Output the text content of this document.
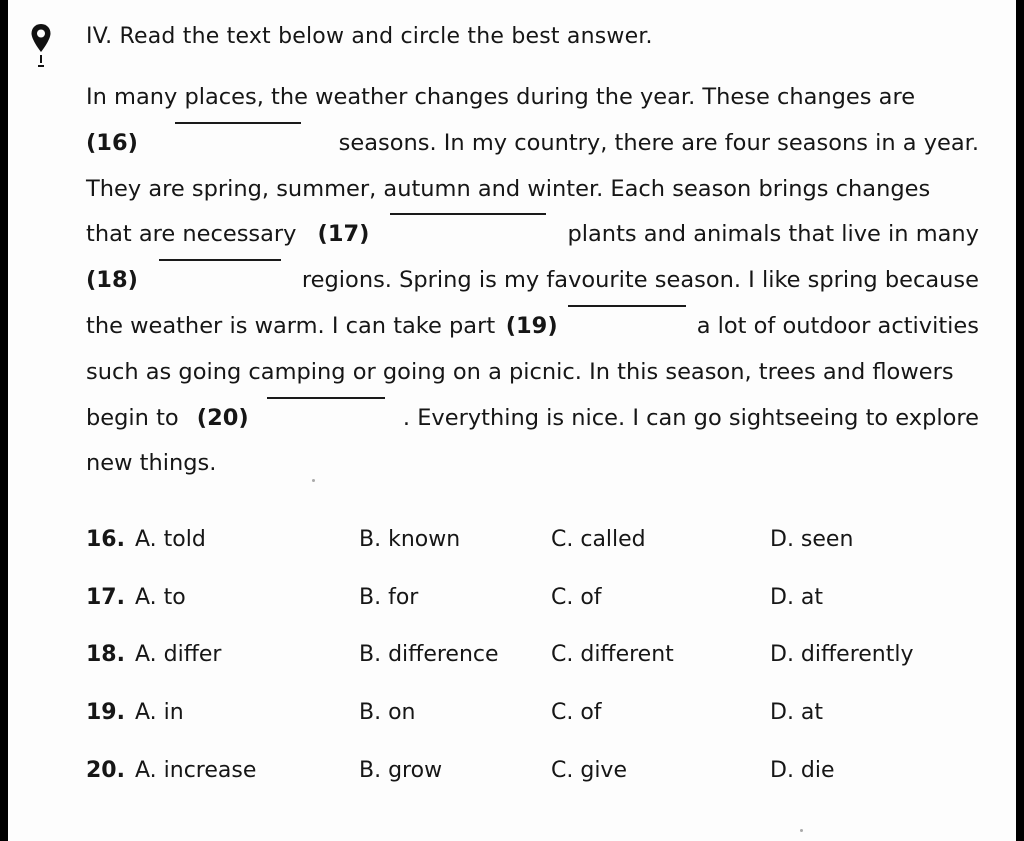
IV. Read the text below and circle the best answer.
In many places, the weather changes during the year. These changes are
(16)	seasons. In my country, there are four seasons in a year.
They are spring, summer, autumn and winter. Each season brings changes
that are necessary (17)	plants and animals that live in many
(18)	regions. Spring is my favourite season. I like spring because
the weather is warm. I can take part (19)	a lot of outdoor activities
such as going camping or going on a picnic. In this season, trees and flowers
begin to (20)	. Everything is nice. I can go sightseeing to explore
new things.
16. A. told	B. known	C. called	D. seen
17. A. to	B. for	C. of	D. at
18. A. differ	B. difference C. different	D. differently
19. A. in	B. on	C. of	D. at
20. A. increase	B. grow	C. give	D. die
